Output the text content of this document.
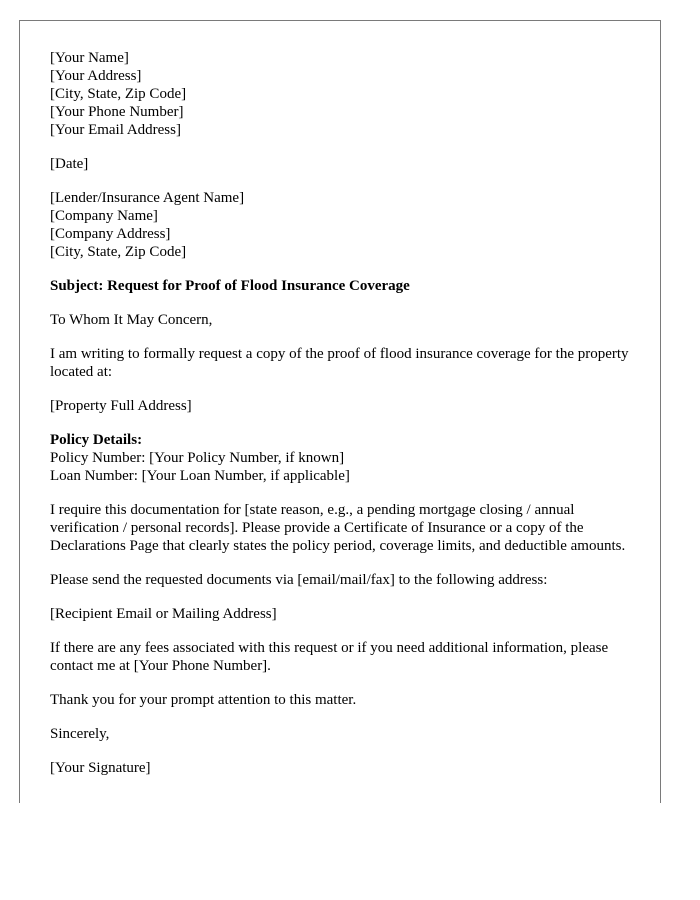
[Your Name]
[Your Address]
[City, State, Zip Code]
[Your Phone Number]
[Your Email Address]
[Date]
[Lender/Insurance Agent Name]
[Company Name]
[Company Address]
[City, State, Zip Code]
Subject: Request for Proof of Flood Insurance Coverage
To Whom It May Concern,
I am writing to formally request a copy of the proof of flood insurance coverage for the property located at:
[Property Full Address]
Policy Details:
Policy Number: [Your Policy Number, if known]
Loan Number: [Your Loan Number, if applicable]
I require this documentation for [state reason, e.g., a pending mortgage closing / annual verification / personal records]. Please provide a Certificate of Insurance or a copy of the Declarations Page that clearly states the policy period, coverage limits, and deductible amounts.
Please send the requested documents via [email/mail/fax] to the following address:
[Recipient Email or Mailing Address]
If there are any fees associated with this request or if you need additional information, please contact me at [Your Phone Number].
Thank you for your prompt attention to this matter.
Sincerely,
[Your Signature]
